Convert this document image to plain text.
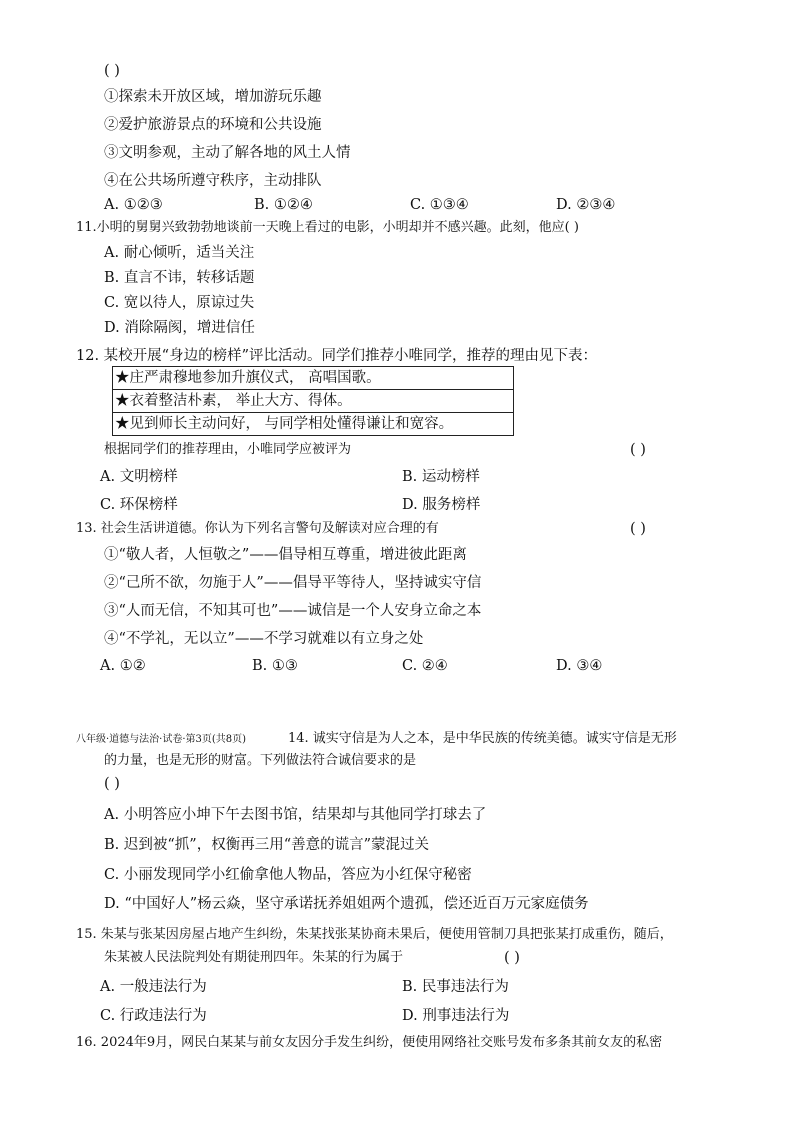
( )
①探索未开放区域，增加游玩乐趣
②爱护旅游景点的环境和公共设施
③文明参观，主动了解各地的风土人情
④在公共场所遵守秩序，主动排队
A. ①②③	B. ①②④	C. ①③④	D. ②③④
11.小明的舅舅兴致勃勃地谈前一天晚上看过的电影，小明却并不感兴趣。此刻，他应( )
A. 耐心倾听，适当关注
B. 直言不讳，转移话题
C. 宽以待人，原谅过失
D. 消除隔阂，增进信任
12. 某校开展“身边的榜样”评比活动。同学们推荐小唯同学，推荐的理由见下表：
★庄严肃穆地参加升旗仪式， 高唱国歌。
★衣着整洁朴素， 举止大方、得体。
★见到师长主动问好， 与同学相处懂得谦让和宽容。
根据同学们的推荐理由，小唯同学应被评为	( )
A. 文明榜样	B. 运动榜样
C. 环保榜样	D. 服务榜样
13. 社会生活讲道德。你认为下列名言警句及解读对应合理的有	( )
①“敬人者，人恒敬之”——倡导相互尊重，增进彼此距离
②“己所不欲，勿施于人”——倡导平等待人，坚持诚实守信
③“人而无信，不知其可也”——诚信是一个人安身立命之本
④“不学礼，无以立”——不学习就难以有立身之处
A. ①②	B. ①③	C. ②④	D. ③④
八年级·道德与法治·试卷·第3页(共8页)	14. 诚实守信是为人之本，是中华民族的传统美德。诚实守信是无形
的力量，也是无形的财富。下列做法符合诚信要求的是
( )
A. 小明答应小坤下午去图书馆，结果却与其他同学打球去了
B. 迟到被“抓”，权衡再三用“善意的谎言”蒙混过关
C. 小丽发现同学小红偷拿他人物品，答应为小红保守秘密
D. “中国好人”杨云焱，坚守承诺抚养姐姐两个遗孤，偿还近百万元家庭债务
15. 朱某与张某因房屋占地产生纠纷，朱某找张某协商未果后，便使用管制刀具把张某打成重伤，随后，
朱某被人民法院判处有期徒刑四年。朱某的行为属于	( )
A. 一般违法行为	B. 民事违法行为
C. 行政违法行为	D. 刑事违法行为
16. 2024年9月，网民白某某与前女友因分手发生纠纷，便使用网络社交账号发布多条其前女友的私密
